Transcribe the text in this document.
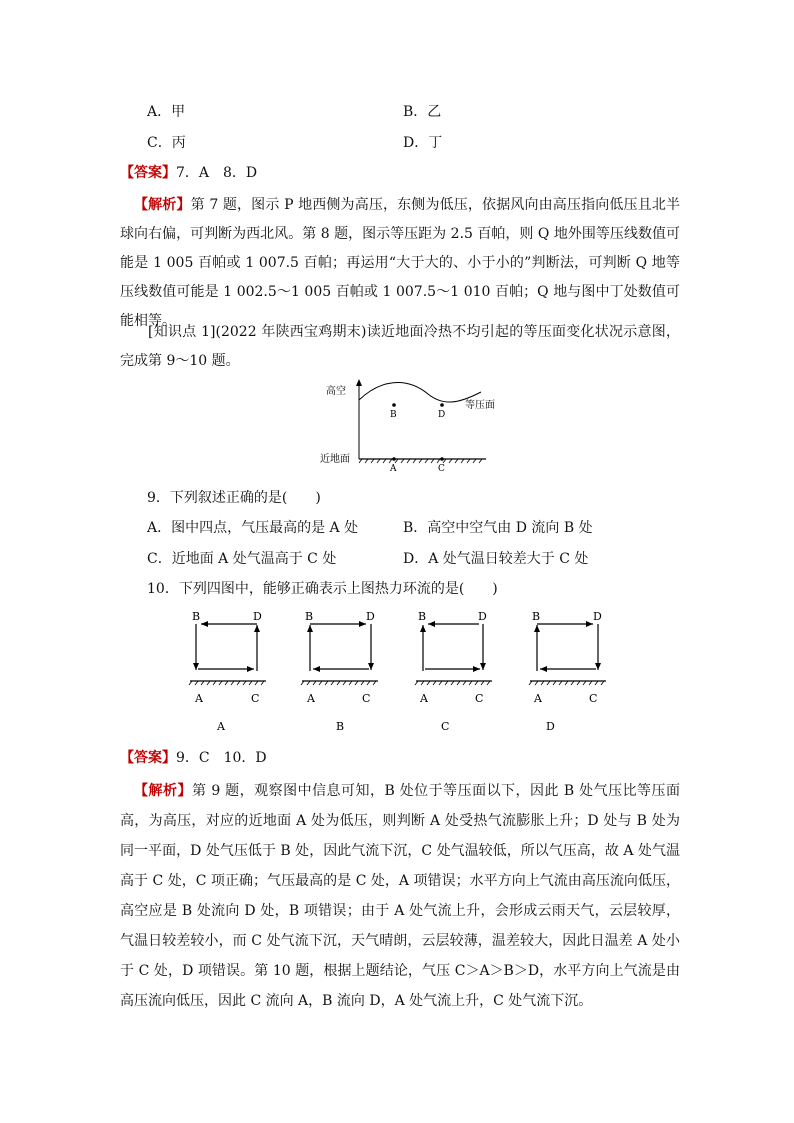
A．甲	B．乙
C．丙	D．丁
【答案】7．A　8．D
【解析】第 7 题，图示 P 地西侧为高压，东侧为低压，依据风向由高压指向低压且北半球向右偏，可判断为西北风。第 8 题，图示等压距为 2.5 百帕，则 Q 地外围等压线数值可能是 1 005 百帕或 1 007.5 百帕；再运用“大于大的、小于小的”判断法，可判断 Q 地等压线数值可能是 1 002.5～1 005 百帕或 1 007.5～1 010 百帕；Q 地与图中丁处数值可能相等。
[知识点 1](2022 年陕西宝鸡期末)读近地面冷热不均引起的等压面变化状况示意图，完成第 9～10 题。
高空
近地面
等压面
B	D
A	C
9．下列叙述正确的是(　　)
A．图中四点，气压最高的是 A 处	B．高空中空气由 D 流向 B 处
C．近地面 A 处气温高于 C 处	D．A 处气温日较差大于 C 处
10．下列四图中，能够正确表示上图热力环流的是(　　)
B	D
A	C
A
B	D
A	C
B
B	D
A	C
C
B	D
A	C
D
【答案】9．C　10．D
【解析】第 9 题，观察图中信息可知，B 处位于等压面以下，因此 B 处气压比等压面高，为高压，对应的近地面 A 处为低压，则判断 A 处受热气流膨胀上升；D 处与 B 处为同一平面，D 处气压低于 B 处，因此气流下沉，C 处气温较低，所以气压高，故 A 处气温高于 C 处，C 项正确；气压最高的是 C 处，A 项错误；水平方向上气流由高压流向低压，高空应是 B 处流向 D 处，B 项错误；由于 A 处气流上升，会形成云雨天气，云层较厚，气温日较差较小，而 C 处气流下沉，天气晴朗，云层较薄，温差较大，因此日温差 A 处小于 C 处，D 项错误。第 10 题，根据上题结论，气压 C＞A＞B＞D，水平方向上气流是由高压流向低压，因此 C 流向 A，B 流向 D，A 处气流上升，C 处气流下沉。
